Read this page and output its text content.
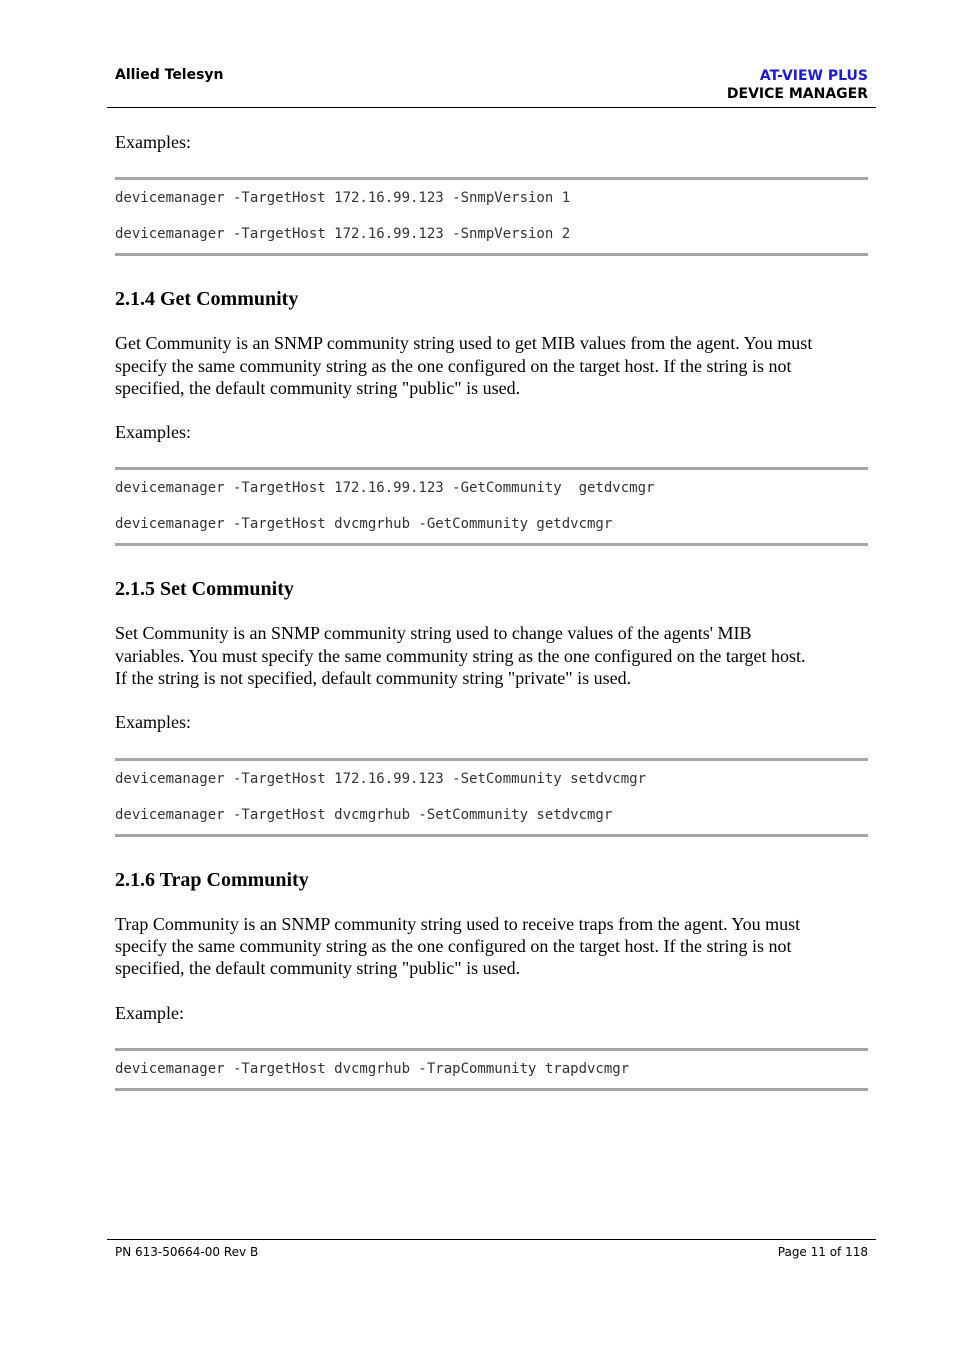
Allied Telesyn	AT-VIEW PLUS
DEVICE MANAGER

Examples:

devicemanager -TargetHost 172.16.99.123 -SnmpVersion 1
devicemanager -TargetHost 172.16.99.123 -SnmpVersion 2
2.1.4 Get Community
Get Community is an SNMP community string used to get MIB values from the agent. You must
specify the same community string as the one configured on the target host. If the string is not
specified, the default community string "public" is used.

Examples:

devicemanager -TargetHost 172.16.99.123 -GetCommunity  getdvcmgr
devicemanager -TargetHost dvcmgrhub -GetCommunity getdvcmgr
2.1.5 Set Community
Set Community is an SNMP community string used to change values of the agents' MIB
variables. You must specify the same community string as the one configured on the target host.
If the string is not specified, default community string "private" is used.

Examples:

devicemanager -TargetHost 172.16.99.123 -SetCommunity setdvcmgr
devicemanager -TargetHost dvcmgrhub -SetCommunity setdvcmgr
2.1.6 Trap Community
Trap Community is an SNMP community string used to receive traps from the agent. You must
specify the same community string as the one configured on the target host. If the string is not
specified, the default community string "public" is used.

Example:

devicemanager -TargetHost dvcmgrhub -TrapCommunity trapdvcmgr
PN 613-50664-00 Rev B	Page 11 of 118
